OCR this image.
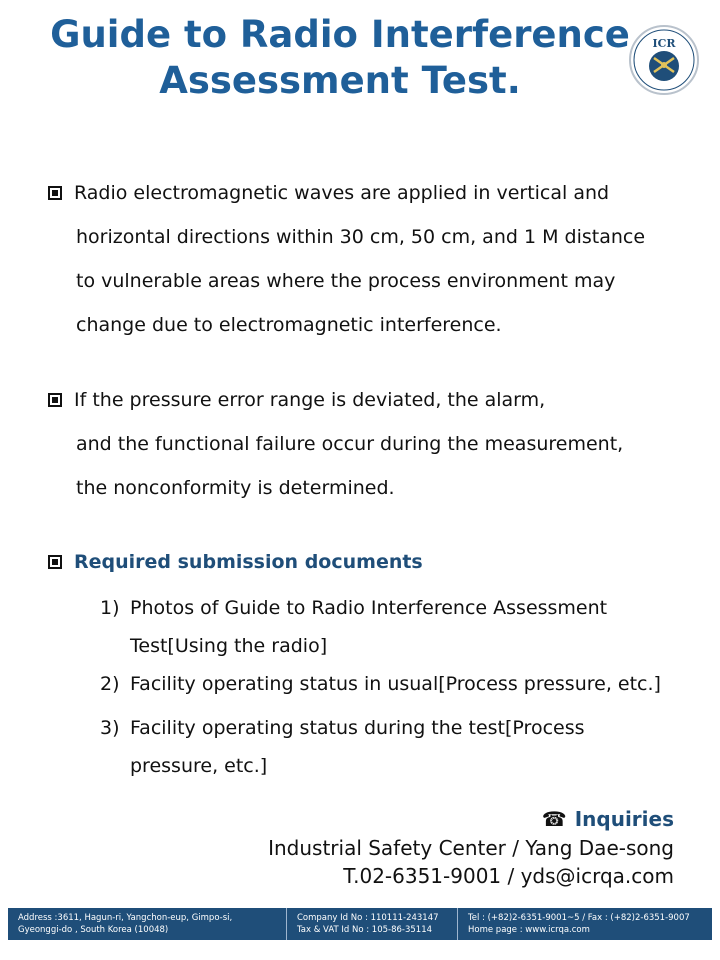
Guide to Radio Interference
Assessment Test.
ICR
Radio electromagnetic waves are applied in vertical and
horizontal directions within 30 cm, 50 cm, and 1 M distance
to vulnerable areas where the process environment may
change due to electromagnetic interference.
If the pressure error range is deviated, the alarm,
and the functional failure occur during the measurement,
the nonconformity is determined.
Required submission documents
1) Photos of Guide to Radio Interference Assessment
Test[Using the radio]
2) Facility operating status in usual[Process pressure, etc.]
3) Facility operating status during the test[Process
pressure, etc.]
☎ Inquiries
Industrial Safety Center / Yang Dae-song
T.02-6351-9001 / yds@icrqa.com
Address :3611, Hagun-ri, Yangchon-eup, Gimpo-si,
Gyeonggi-do , South Korea (10048)
Company Id No : 110111-243147
Tax & VAT Id No : 105-86-35114
Tel : (+82)2-6351-9001~5 / Fax : (+82)2-6351-9007
Home page : www.icrqa.com
